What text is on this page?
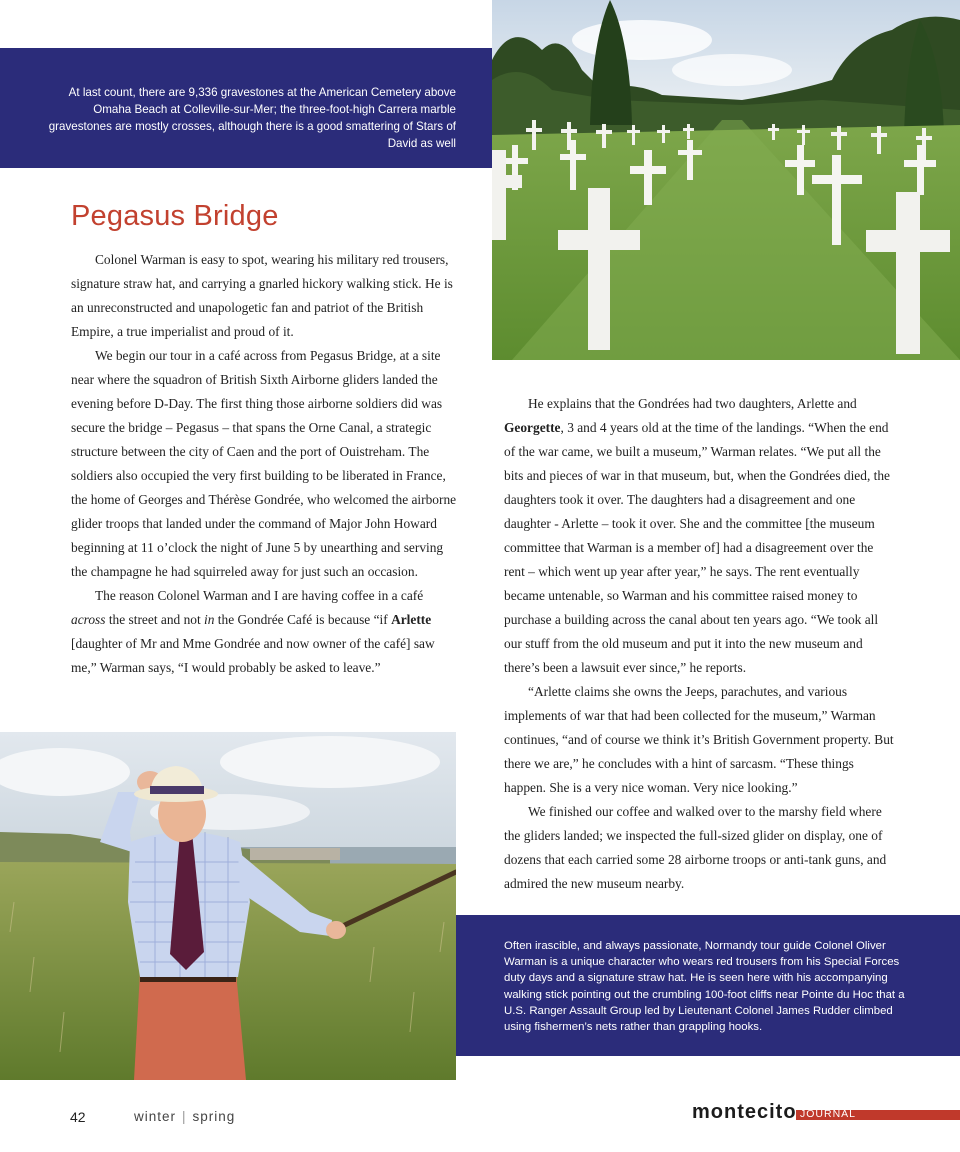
At last count, there are 9,336 gravestones at the American Cemetery above Omaha Beach at Colleville-sur-Mer; the three-foot-high Carrera marble gravestones are mostly crosses, although there is a good smattering of Stars of David as well
Pegasus Bridge

Colonel Warman is easy to spot, wearing his military red trousers, signature straw hat, and carrying a gnarled hickory walking stick. He is an unreconstructed and unapologetic fan and patriot of the British Empire, a true imperialist and proud of it.

We begin our tour in a café across from Pegasus Bridge, at a site near where the squadron of British Sixth Airborne gliders landed the evening before D-Day. The first thing those airborne soldiers did was secure the bridge – Pegasus – that spans the Orne Canal, a strategic structure between the city of Caen and the port of Ouistreham. The soldiers also occupied the very first building to be liberated in France, the home of Georges and Thérèse Gondrée, who welcomed the airborne glider troops that landed under the command of Major John Howard beginning at 11 o’clock the night of June 5 by unearthing and serving the champagne he had squirreled away for just such an occasion.

The reason Colonel Warman and I are having coffee in a café across the street and not in the Gondrée Café is because “if Arlette [daughter of Mr and Mme Gondrée and now owner of the café] saw me,” Warman says, “I would probably be asked to leave.”

He explains that the Gondrées had two daughters, Arlette and Georgette, 3 and 4 years old at the time of the landings. “When the end of the war came, we built a museum,” Warman relates. “We put all the bits and pieces of war in that museum, but, when the Gondrées died, the daughters took it over. The daughters had a disagreement and one daughter - Arlette – took it over. She and the committee [the museum committee that Warman is a member of] had a disagreement over the rent – which went up year after year,” he says. The rent eventually became untenable, so Warman and his committee raised money to purchase a building across the canal about ten years ago. “We took all our stuff from the old museum and put it into the new museum and there’s been a lawsuit ever since,” he reports.

“Arlette claims she owns the Jeeps, parachutes, and various implements of war that had been collected for the museum,” Warman continues, “and of course we think it’s British Government property. But there we are,” he concludes with a hint of sarcasm. “These things happen. She is a very nice woman. Very nice looking.”

We finished our coffee and walked over to the marshy field where the gliders landed; we inspected the full-sized glider on display, one of dozens that each carried some 28 airborne troops or anti-tank guns, and admired the new museum nearby.

Often irascible, and always passionate, Normandy tour guide Colonel Oliver Warman is a unique character who wears red trousers from his Special Forces duty days and a signature straw hat. He is seen here with his accompanying walking stick pointing out the crumbling 100-foot cliffs near Pointe du Hoc that a U.S. Ranger Assault Group led by Lieutenant Colonel James Rudder climbed using fishermen’s nets rather than grappling hooks.
42	winter | spring	montecito JOURNAL
